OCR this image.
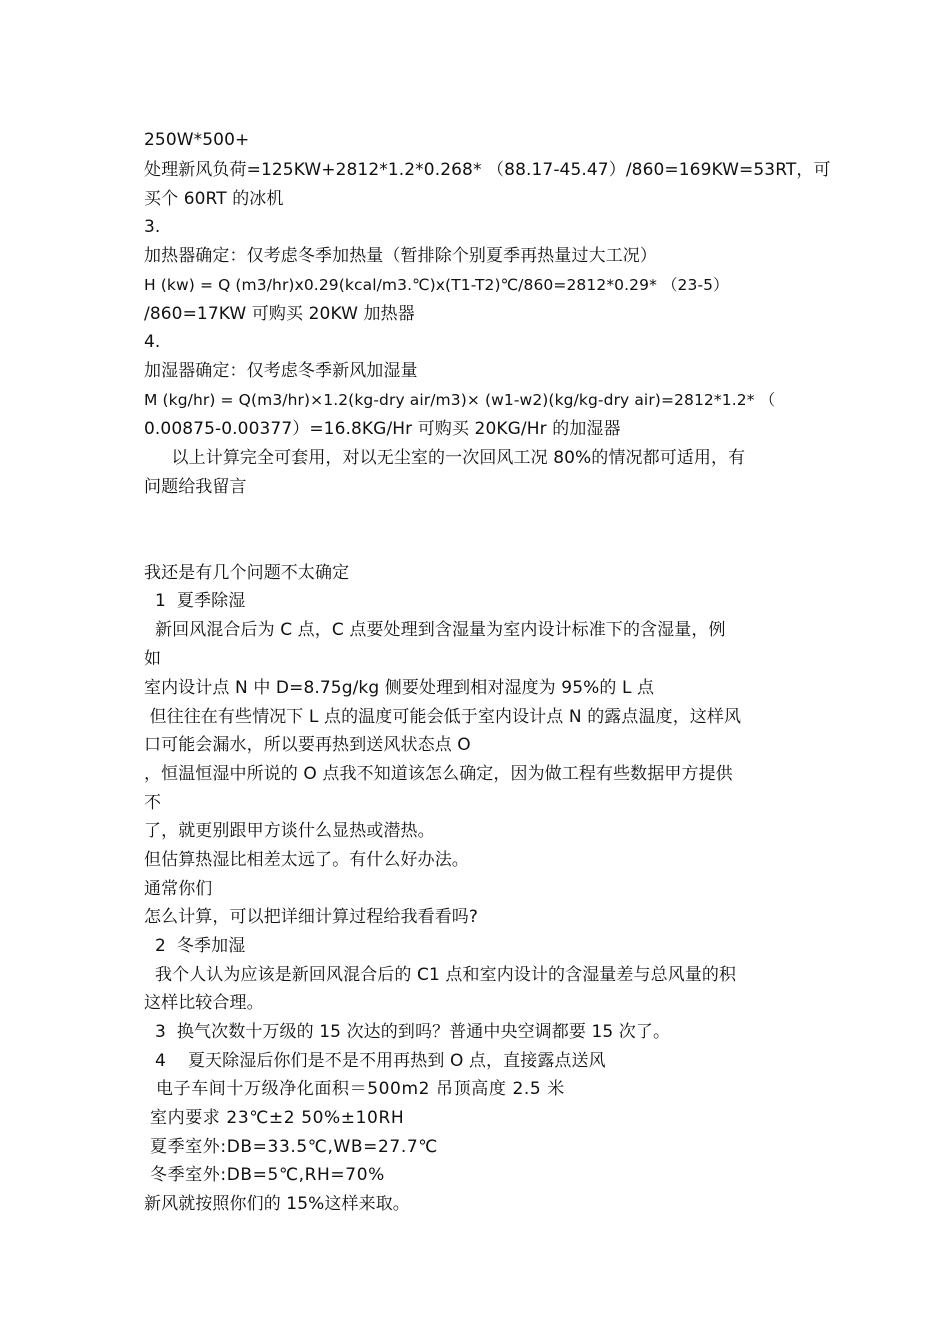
250W*500+
处理新风负荷=125KW+2812*1.2*0.268* （88.17-45.47）/860=169KW=53RT，可
买个 60RT 的冰机
3.
加热器确定：仅考虑冬季加热量（暂排除个别夏季再热量过大工况）
H (kw) = Q (m3/hr)x0.29(kcal/m3.℃)x(T1-T2)℃/860=2812*0.29* （23-5）
/860=17KW 可购买 20KW 加热器
4.
加湿器确定：仅考虑冬季新风加湿量
M (kg/hr) = Q(m3/hr)×1.2(kg-dry air/m3)× (w1-w2)(kg/kg-dry air)=2812*1.2* （
0.00875-0.00377）=16.8KG/Hr 可购买 20KG/Hr 的加湿器
以上计算完全可套用，对以无尘室的一次回风工况 80%的情况都可适用，有
问题给我留言
我还是有几个问题不太确定
1  夏季除湿
新回风混合后为 C 点，C 点要处理到含湿量为室内设计标准下的含湿量，例
如
室内设计点 N 中 D=8.75g/kg 侧要处理到相对湿度为 95%的 L 点
但往往在有些情况下 L 点的温度可能会低于室内设计点 N 的露点温度，这样风
口可能会漏水，所以要再热到送风状态点 O
，恒温恒湿中所说的 O 点我不知道该怎么确定，因为做工程有些数据甲方提供
不
了，就更别跟甲方谈什么显热或潜热。
但估算热湿比相差太远了。有什么好办法。
通常你们
怎么计算，可以把详细计算过程给我看看吗?
2  冬季加湿
我个人认为应该是新回风混合后的 C1 点和室内设计的含湿量差与总风量的积
这样比较合理。
3  换气次数十万级的 15 次达的到吗？普通中央空调都要 15 次了。
4    夏天除湿后你们是不是不用再热到 O 点，直接露点送风
电子车间十万级净化面积＝500m2 吊顶高度 2.5 米
室内要求 23℃±2 50%±10RH
夏季室外:DB=33.5℃,WB=27.7℃
冬季室外:DB=5℃,RH=70%
新风就按照你们的 15%这样来取。
